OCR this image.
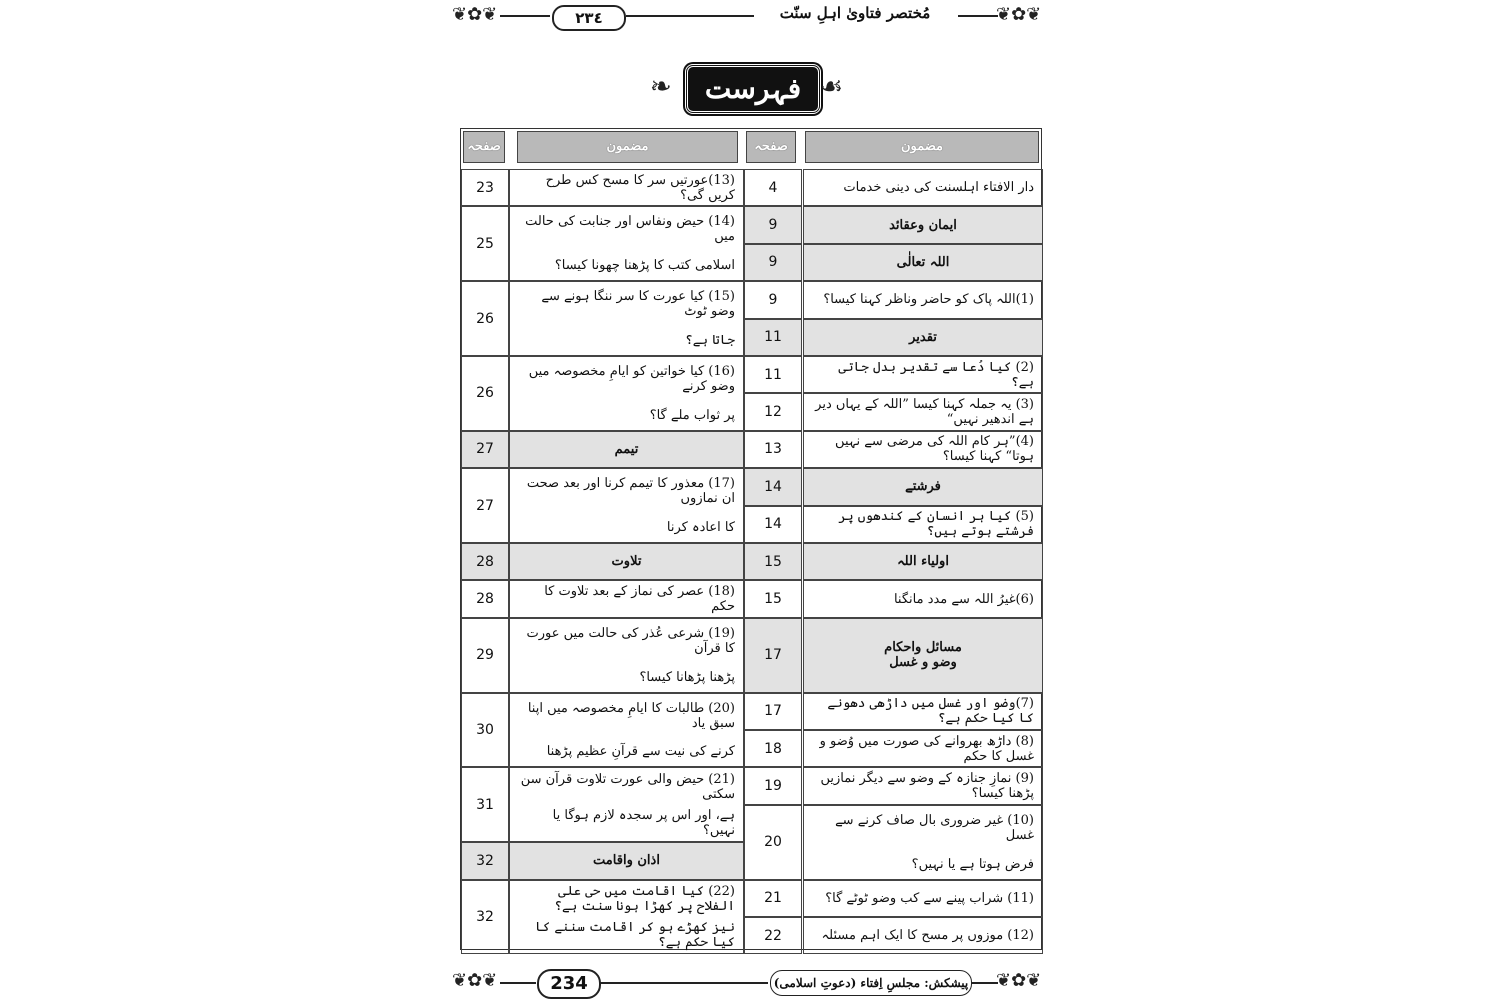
❦✿❦	٢٣٤	مُختصر فتاویٰ اہلِ سنّت	❦✿❦
❧	فہرست ☙
مضمون
صفحہ
مضمون
صفحہ
دار الافتاء اہلسنت کی دینی خدمات
4
ایمان وعقائد
9
اللہ تعالٰی
9
(1)اللہ پاک کو حاضر وناظر کہنا کیسا؟
9
تقدیر
11
(2) کیا دُعا سے تقدیر بدل جاتی ہے؟
11
(3) یہ جملہ کہنا کیسا ”اللہ کے یہاں دیر ہے اندھیر نہیں“
12
(4)”ہر کام اللہ کی مرضی سے نہیں ہوتا“ کہنا کیسا؟
13
فرشتے
14
(5) کیا ہر انسان کے کندھوں پر فرشتے ہوتے ہیں؟
14
اولیاء اللہ
15
(6)غیرُ اللہ سے مدد مانگنا
15
مسائل واحکام
وضو و غسل
17
(7)وضو اور غسل میں داڑھی دھونے کا کیا حکم ہے؟
17
(8) داڑھ بھروانے کی صورت میں وُضو و غسل کا حکم
18
(9) نمازِ جنازہ کے وضو سے دیگر نمازیں پڑھنا کیسا؟
19
(10) غیر ضروری بال صاف کرنے سے غسل
فرض ہوتا ہے یا نہیں؟
20
(11) شراب پینے سے کب وضو ٹوٹے گا؟
21
(12) موزوں پر مسح کا ایک اہم مسئلہ
22
(13)عورتیں سر کا مسح کس طرح کریں گی؟
23
(14) حیض ونفاس اور جنابت کی حالت میں
اسلامی کتب کا پڑھنا چھونا کیسا؟
25
(15) کیا عورت کا سر ننگا ہونے سے وضو ٹوٹ
جاتا ہے؟
26
(16) کیا خواتین کو ایامِ مخصوصہ میں وضو کرنے
پر ثواب ملے گا؟
26
تیمم
27
(17) معذور کا تیمم کرنا اور بعد صحت ان نمازوں
کا اعادہ کرنا
27
تلاوت
28
(18) عصر کی نماز کے بعد تلاوت کا حکم
28
(19) شرعی عُذر کی حالت میں عورت کا قرآن
پڑھنا پڑھانا کیسا؟
29
(20) طالبات کا ایامِ مخصوصہ میں اپنا سبق یاد
کرنے کی نیت سے قرآنِ عظیم پڑھنا
30
(21) حیض والی عورت تلاوت قرآن سن سکتی
ہے، اور اس پر سجدہ لازم ہوگا یا نہیں؟
31
اذان واقامت
32
(22) کیا اقامت میں حی علی الفلاح پر کھڑا ہونا سنت ہے؟
نیز کھڑے ہو کر اقامت سننے کا کیا حکم ہے؟
32
❦✿❦	234	پیشکش: مجلسِ اِفتاء (دعوتِ اسلامی) ❦✿❦
